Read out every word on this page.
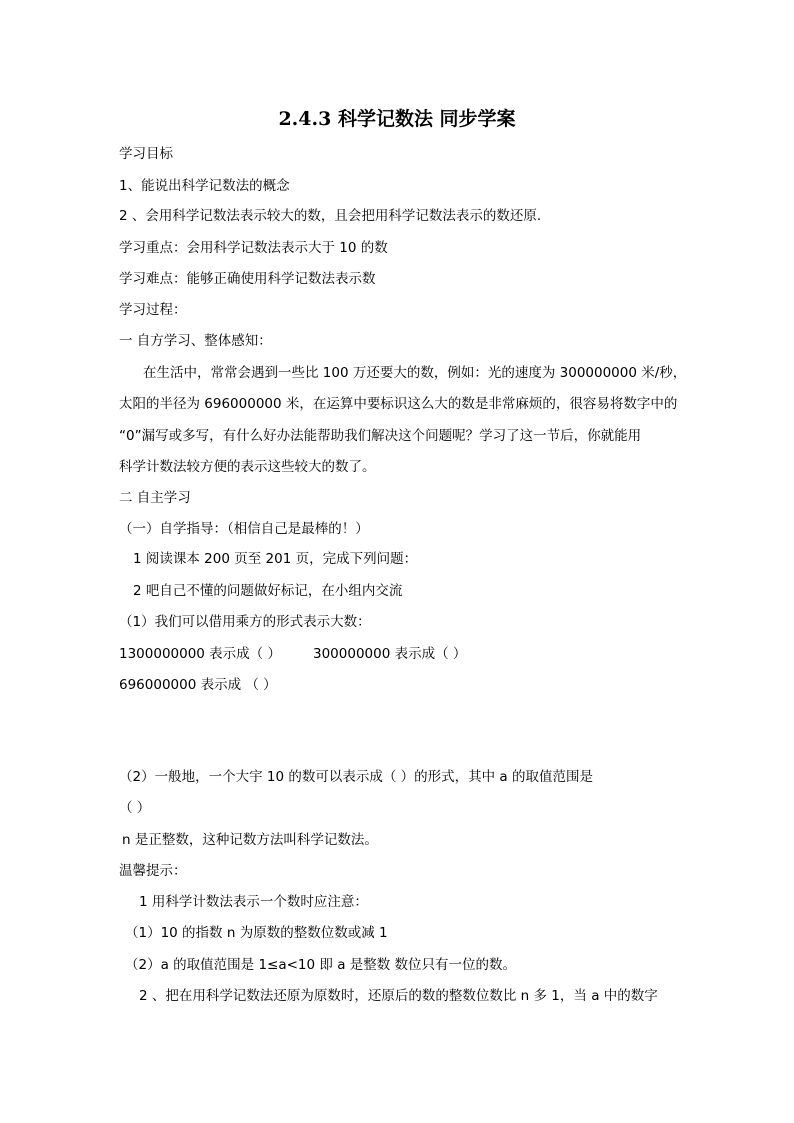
2.4.3 科学记数法 同步学案
学习目标
1、能说出科学记数法的概念
2 、会用科学记数法表示较大的数，且会把用科学记数法表示的数还原.
学习重点：会用科学记数法表示大于 10 的数
学习难点：能够正确使用科学记数法表示数
学习过程：
一 自方学习、整体感知：
在生活中，常常会遇到一些比 100 万还要大的数，例如：光的速度为 300000000 米/秒，
太阳的半径为 696000000 米，在运算中要标识这么大的数是非常麻烦的，很容易将数字中的
“0”漏写或多写，有什么好办法能帮助我们解决这个问题呢？学习了这一节后，你就能用
科学计数法较方便的表示这些较大的数了。
二 自主学习
（一）自学指导：（相信自己是最棒的！）
1 阅读课本 200 页至 201 页，完成下列问题：
2 吧自己不懂的问题做好标记，在小组内交流
（1）我们可以借用乘方的形式表示大数：
1300000000 表示成（ ） 300000000 表示成（ ）
696000000 表示成 （ ）
（2）一般地，一个大宇 10 的数可以表示成（ ）的形式，其中 a 的取值范围是
（ ）
n 是正整数，这种记数方法叫科学记数法。
温馨提示：
1 用科学计数法表示一个数时应注意：
（1）10 的指数 n 为原数的整数位数或减 1
（2）a 的取值范围是 1≤a<10 即 a 是整数 数位只有一位的数。
2 、把在用科学记数法还原为原数时，还原后的数的整数位数比 n 多 1，当 a 中的数字
